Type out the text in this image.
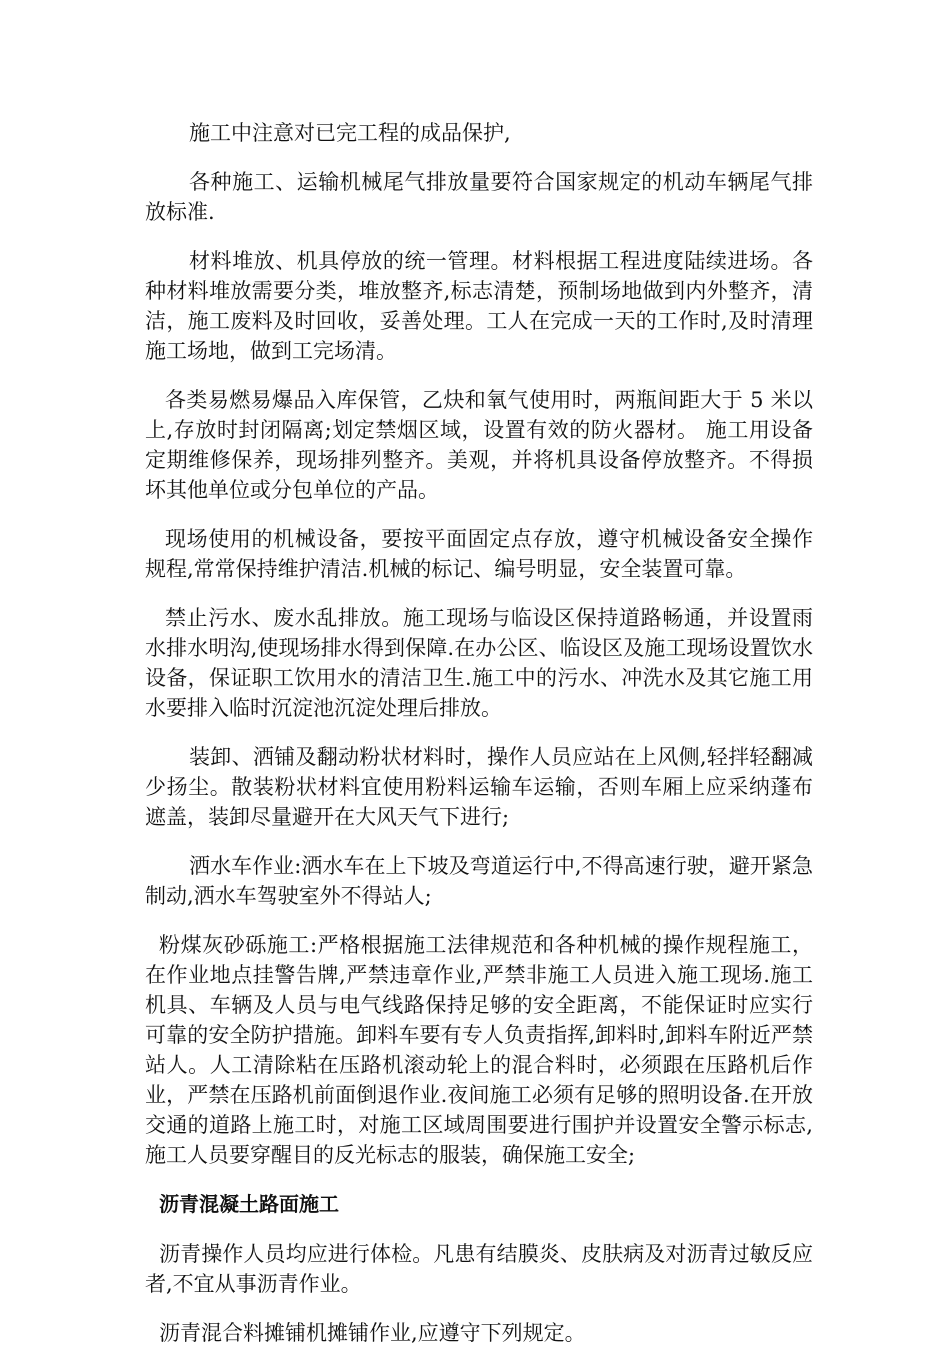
施工中注意对已完工程的成品保护,

各种施工、运输机械尾气排放量要符合国家规定的机动车辆尾气排放标准.

材料堆放、机具停放的统一管理。材料根据工程进度陆续进场。各种材料堆放需要分类，堆放整齐,标志清楚，预制场地做到内外整齐，清洁，施工废料及时回收，妥善处理。工人在完成一天的工作时,及时清理施工场地，做到工完场清。

各类易燃易爆品入库保管，乙炔和氧气使用时，两瓶间距大于 5 米以上,存放时封闭隔离;划定禁烟区域，设置有效的防火器材。 施工用设备定期维修保养，现场排列整齐。美观，并将机具设备停放整齐。不得损坏其他单位或分包单位的产品。

现场使用的机械设备，要按平面固定点存放，遵守机械设备安全操作规程,常常保持维护清洁.机械的标记、编号明显，安全装置可靠。

禁止污水、废水乱排放。施工现场与临设区保持道路畅通，并设置雨水排水明沟,使现场排水得到保障.在办公区、临设区及施工现场设置饮水设备，保证职工饮用水的清洁卫生.施工中的污水、冲洗水及其它施工用水要排入临时沉淀池沉淀处理后排放。

装卸、洒铺及翻动粉状材料时，操作人员应站在上风侧,轻拌轻翻减少扬尘。散装粉状材料宜使用粉料运输车运输，否则车厢上应采纳蓬布遮盖，装卸尽量避开在大风天气下进行;

洒水车作业:洒水车在上下坡及弯道运行中,不得高速行驶，避开紧急制动,洒水车驾驶室外不得站人;

粉煤灰砂砾施工:严格根据施工法律规范和各种机械的操作规程施工，在作业地点挂警告牌,严禁违章作业,严禁非施工人员进入施工现场.施工机具、车辆及人员与电气线路保持足够的安全距离，不能保证时应实行可靠的安全防护措施。卸料车要有专人负责指挥,卸料时,卸料车附近严禁站人。人工清除粘在压路机滚动轮上的混合料时，必须跟在压路机后作业，严禁在压路机前面倒退作业.夜间施工必须有足够的照明设备.在开放交通的道路上施工时，对施工区域周围要进行围护并设置安全警示标志,施工人员要穿醒目的反光标志的服装，确保施工安全;

沥青混凝土路面施工

沥青操作人员均应进行体检。凡患有结膜炎、皮肤病及对沥青过敏反应者,不宜从事沥青作业。

沥青混合料摊铺机摊铺作业,应遵守下列规定。
